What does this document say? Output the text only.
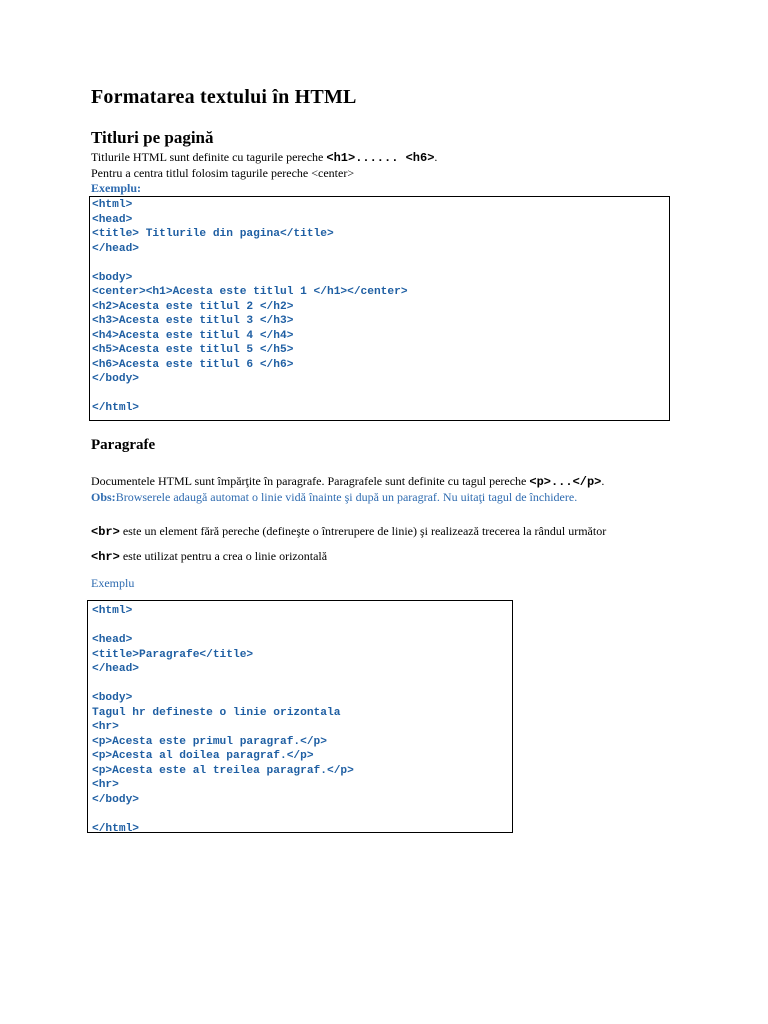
Formatarea textului în HTML
Titluri pe pagină
Titlurile HTML sunt definite cu tagurile pereche <h1>...... <h6>.
Pentru a centra titlul folosim tagurile pereche <center>
Exemplu:
<html>
<head>
<title> Titlurile din pagina</title>
</head>

<body>
<center><h1>Acesta este titlul 1 </h1></center>
<h2>Acesta este titlul 2 </h2>
<h3>Acesta este titlul 3 </h3>
<h4>Acesta este titlul 4 </h4>
<h5>Acesta este titlul 5 </h5>
<h6>Acesta este titlul 6 </h6>
</body>

</html>
Paragrafe
Documentele HTML sunt împărţite în paragrafe. Paragrafele sunt definite cu tagul pereche <p>...</p>.
Obs:Browserele adaugă automat o linie vidă înainte şi după un paragraf. Nu uitaţi tagul de închidere.
<br> este un element fără pereche (defineşte o întrerupere de linie) şi realizează trecerea la rândul următor
<hr> este utilizat pentru a crea o linie orizontală
Exemplu
<html>

<head>
<title>Paragrafe</title>
</head>

<body>
Tagul hr defineste o linie orizontala
<hr>
<p>Acesta este primul paragraf.</p>
<p>Acesta al doilea paragraf.</p>
<p>Acesta este al treilea paragraf.</p>
<hr>
</body>

</html>
